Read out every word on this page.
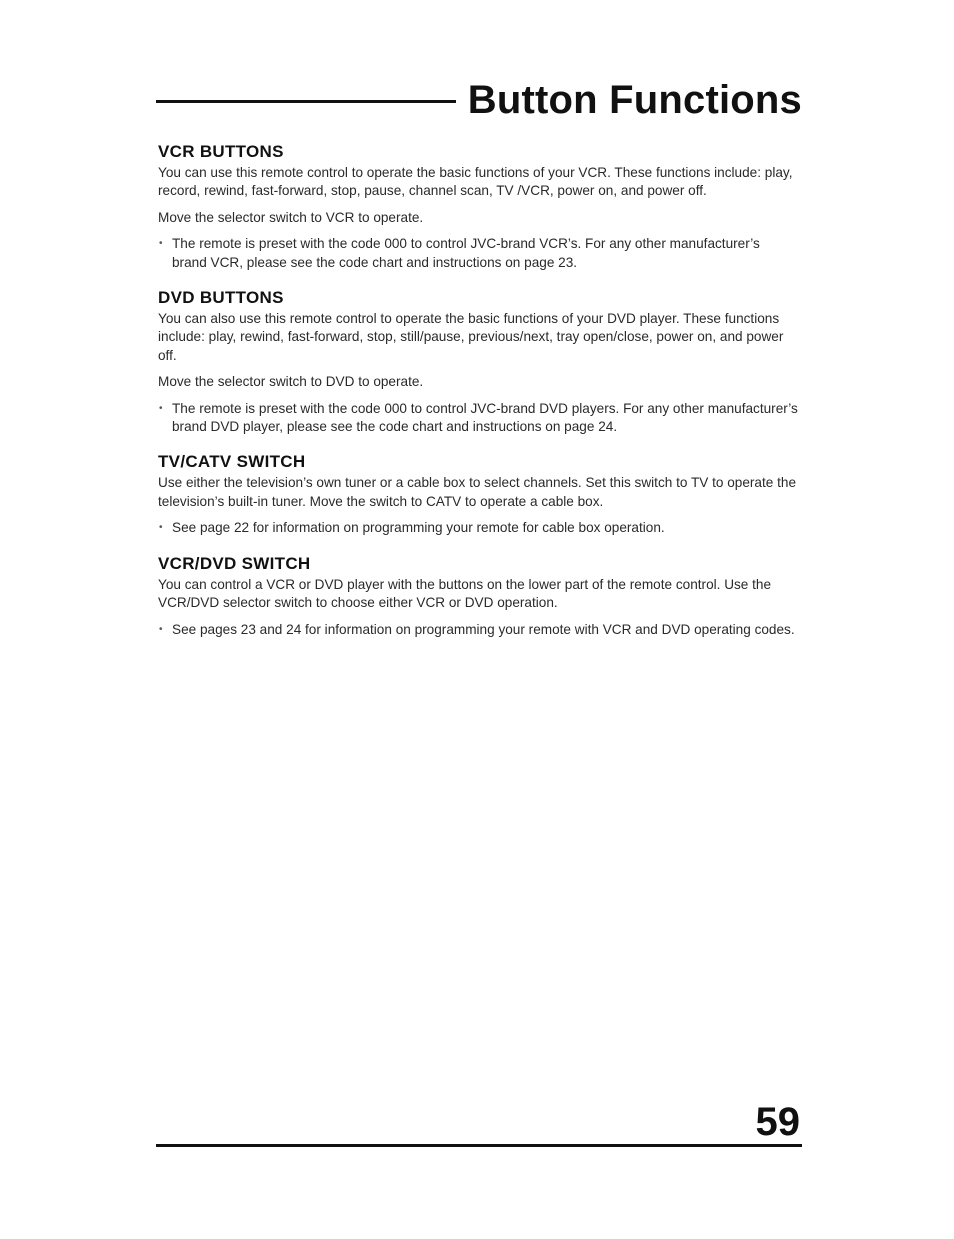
Button Functions
VCR BUTTONS

You can use this remote control to operate the basic functions of your VCR. These functions include: play, record, rewind, fast-forward, stop, pause, channel scan, TV /VCR, power on, and power off.

Move the selector switch to VCR to operate.

• The remote is preset with the code 000 to control JVC-brand VCR’s. For any other manufacturer’s brand VCR, please see the code chart and instructions on page 23.
DVD BUTTONS

You can also use this remote control to operate the basic functions of your DVD player. These functions include: play, rewind, fast-forward, stop, still/pause, previous/next, tray open/close, power on, and power off.

Move the selector switch to DVD to operate.

• The remote is preset with the code 000 to control JVC-brand DVD players. For any other manufacturer’s brand DVD player, please see the code chart and instructions on page 24.
TV/CATV SWITCH

Use either the television’s own tuner or a cable box to select channels. Set this switch to TV to operate the television’s built-in tuner. Move the switch to CATV to operate a cable box.

• See page 22 for information on programming your remote for cable box operation.
VCR/DVD SWITCH

You can control a VCR or DVD player with the buttons on the lower part of the remote control. Use the VCR/DVD selector switch to choose either VCR or DVD operation.

• See pages 23 and 24 for information on programming your remote with VCR and DVD operating codes.
59
